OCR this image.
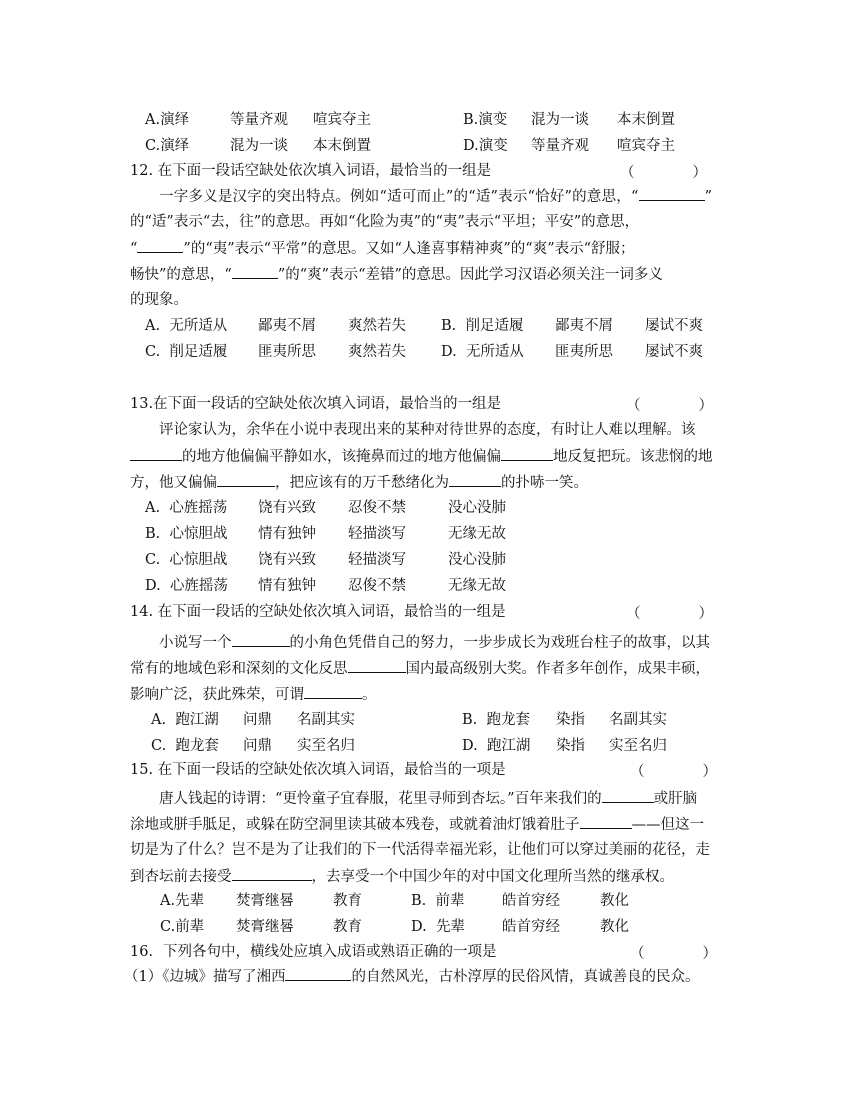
A.演绎	等量齐观 喧宾夺主	B.演变 混为一谈 本末倒置
C.演绎	混为一谈 本末倒置	D.演变 等量齐观 喧宾夺主
12. 在下面一段话空缺处依次填入词语，最恰当的一组是	（　　　　）
一字多义是汉字的突出特点。例如“适可而止”的“适”表示“恰好”的意思，“	”
的“适”表示“去，往”的意思。再如“化险为夷”的“夷”表示“平坦；平安”的意思，
“	”的“夷”表示“平常”的意思。又如“人逢喜事精神爽”的“爽”表示“舒服；
畅快”的意思，“	”的“爽”表示“差错”的意思。因此学习汉语必须关注一词多义
的现象。
A. 无所适从 鄙夷不屑 爽然若失 B. 削足适履 鄙夷不屑 屡试不爽
C. 削足适履 匪夷所思 爽然若失 D. 无所适从 匪夷所思 屡试不爽
13.在下面一段话的空缺处依次填入词语，最恰当的一组是	（　　　　）
评论家认为，余华在小说中表现出来的某种对待世界的态度，有时让人难以理解。该
的地方他偏偏平静如水，该掩鼻而过的地方他偏偏	地反复把玩。该悲悯的地
方，他又偏偏	，把应该有的万千愁绪化为	的扑哧一笑。
A. 心旌摇荡 饶有兴致 忍俊不禁	没心没肺
B. 心惊胆战 情有独钟 轻描淡写	无缘无故
C. 心惊胆战 饶有兴致 轻描淡写	没心没肺
D. 心旌摇荡 情有独钟 忍俊不禁	无缘无故
14. 在下面一段话的空缺处依次填入词语，最恰当的一组是	（　　　　）
小说写一个	的小角色凭借自己的努力，一步步成长为戏班台柱子的故事，以其
常有的地域色彩和深刻的文化反思	国内最高级别大奖。作者多年创作，成果丰硕，
影响广泛，获此殊荣，可谓	。
A. 跑江湖 问鼎 名副其实	B. 跑龙套 染指 名副其实
C. 跑龙套 问鼎 实至名归	D. 跑江湖 染指 实至名归
15. 在下面一段话的空缺处依次填入词语，最恰当的一项是	（　　　　）
唐人钱起的诗谓：“更怜童子宜春服，花里寻师到杏坛。”百年来我们的	或肝脑
涂地或胼手胝足，或躲在防空洞里读其破本残卷，或就着油灯饿着肚子	——但这一
切是为了什么？岂不是为了让我们的下一代活得幸福光彩，让他们可以穿过美丽的花径，走
到杏坛前去接受	，去享受一个中国少年的对中国文化理所当然的继承权。
A.先辈 焚膏继晷	教育	B. 前辈	皓首穷经	教化
C.前辈 焚膏继晷	教育	D. 先辈	皓首穷经	教化
16．下列各句中，横线处应填入成语或熟语正确的一项是	（　　　　）
（1）《边城》描写了湘西	的自然风光，古朴淳厚的民俗风情，真诚善良的民众。
